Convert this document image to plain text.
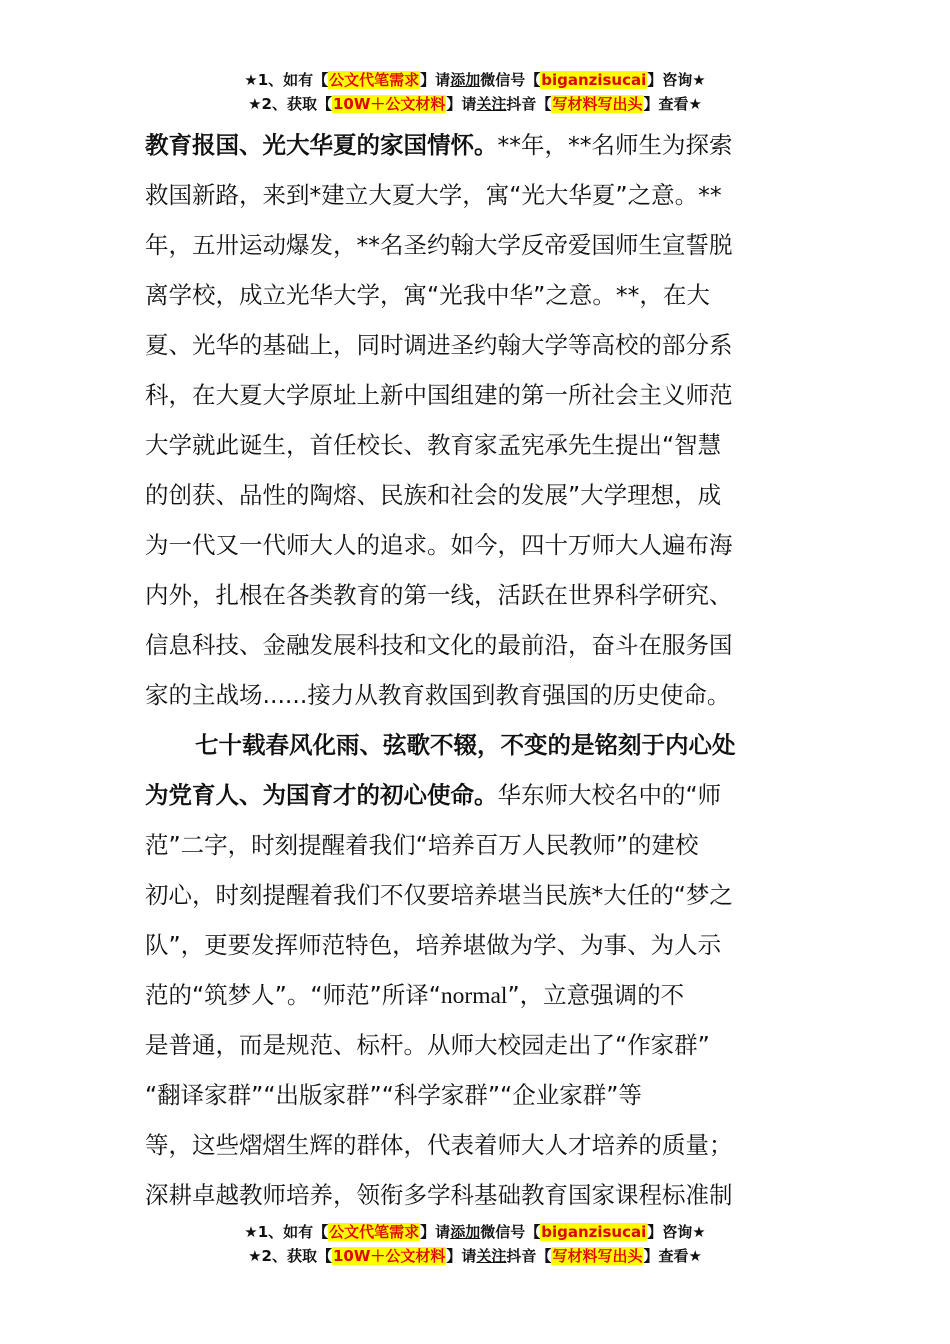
★1、如有【公文代笔需求】请添加微信号【biganzisucai】咨询★
★2、获取【10W＋公文材料】请关注抖音【写材料写出头】查看★

教育报国、光大华夏的家国情怀。**年，**名师生为探索
救国新路，来到*建立大夏大学，寓“光大华夏”之意。**
年，五卅运动爆发，**名圣约翰大学反帝爱国师生宣誓脱
离学校，成立光华大学，寓“光我中华”之意。**，在大
夏、光华的基础上，同时调进圣约翰大学等高校的部分系
科，在大夏大学原址上新中国组建的第一所社会主义师范
大学就此诞生，首任校长、教育家孟宪承先生提出“智慧
的创获、品性的陶熔、民族和社会的发展”大学理想，成
为一代又一代师大人的追求。如今，四十万师大人遍布海
内外，扎根在各类教育的第一线，活跃在世界科学研究、
信息科技、金融发展科技和文化的最前沿，奋斗在服务国
家的主战场......接力从教育救国到教育强国的历史使命。

七十载春风化雨、弦歌不辍，不变的是铭刻于内心处
为党育人、为国育才的初心使命。华东师大校名中的“师
范”二字，时刻提醒着我们“培养百万人民教师”的建校
初心，时刻提醒着我们不仅要培养堪当民族*大任的“梦之
队”，更要发挥师范特色，培养堪做为学、为事、为人示
范的“筑梦人”。“师范”所译“normal”，立意强调的不
是普通，而是规范、标杆。从师大校园走出了“作家群”
“翻译家群”“出版家群”“科学家群”“企业家群”等
等，这些熠熠生辉的群体，代表着师大人才培养的质量；
深耕卓越教师培养，领衔多学科基础教育国家课程标准制

★1、如有【公文代笔需求】请添加微信号【biganzisucai】咨询★
★2、获取【10W＋公文材料】请关注抖音【写材料写出头】查看★
